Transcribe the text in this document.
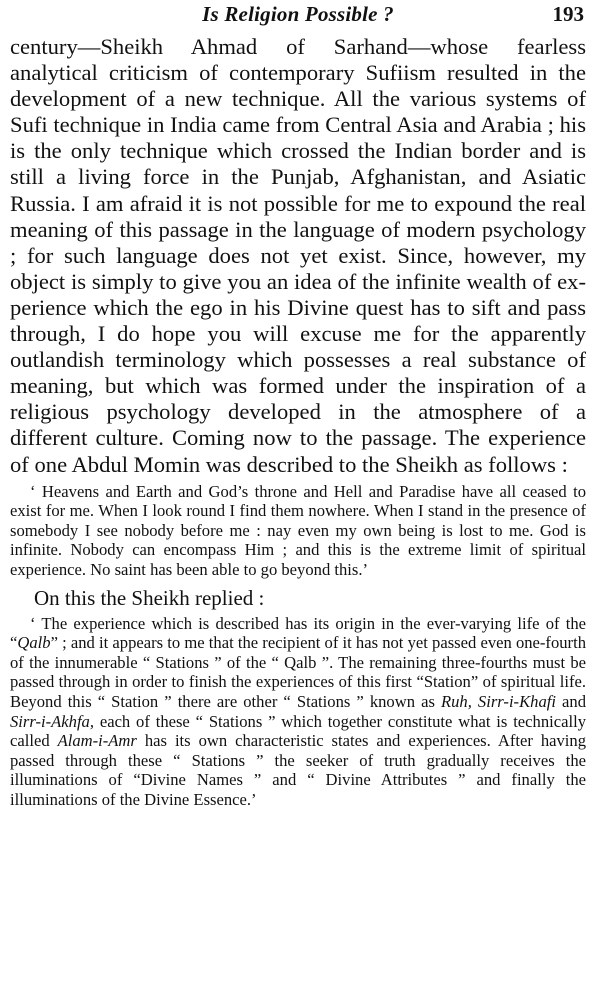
Is Religion Possible ?	193

century—Sheikh Ahmad of Sarhand—whose fearless analytical criticism of contemporary Sufiism resulted in the development of a new technique. All the various systems of Sufi technique in India came from Central Asia and Arabia ; his is the only technique which crossed the Indian border and is still a living force in the Punjab, Afghanistan, and Asiatic Russia. I am afraid it is not possible for me to expound the real meaning of this passage in the language of modern psychology ; for such language does not yet exist. Since, however, my object is simply to give you an idea of the infinite wealth of experience which the ego in his Divine quest has to sift and pass through, I do hope you will excuse me for the apparently outlandish terminology which possesses a real substance of meaning, but which was formed under the inspiration of a religious psychology developed in the atmosphere of a different culture. Coming now to the passage. The experience of one Abdul Momin was described to the Sheikh as follows :

‘ Heavens and Earth and God’s throne and Hell and Paradise have all ceased to exist for me. When I look round I find them nowhere. When I stand in the presence of somebody I see nobody before me : nay even my own being is lost to me. God is infinite. Nobody can encompass Him ; and this is the extreme limit of spiritual experience. No saint has been able to go beyond this.’

On this the Sheikh replied :

‘ The experience which is described has its origin in the ever-varying life of the “Qalb” ; and it appears to me that the recipient of it has not yet passed even one-fourth of the innumerable “ Stations ” of the “ Qalb ”. The remaining three-fourths must be passed through in order to finish the experiences of this first “Station” of spiritual life. Beyond this “ Station ” there are other “ Stations ” known as Ruh, Sirr-i-Khafi and Sirr-i-Akhfa, each of these “ Stations ” which together constitute what is technically called Alam-i-Amr has its own characteristic states and experiences. After having passed through these “ Stations ” the seeker of truth gradually receives the illuminations of “Divine Names ” and “ Divine Attributes ” and finally the illuminations of the Divine Essence.’
